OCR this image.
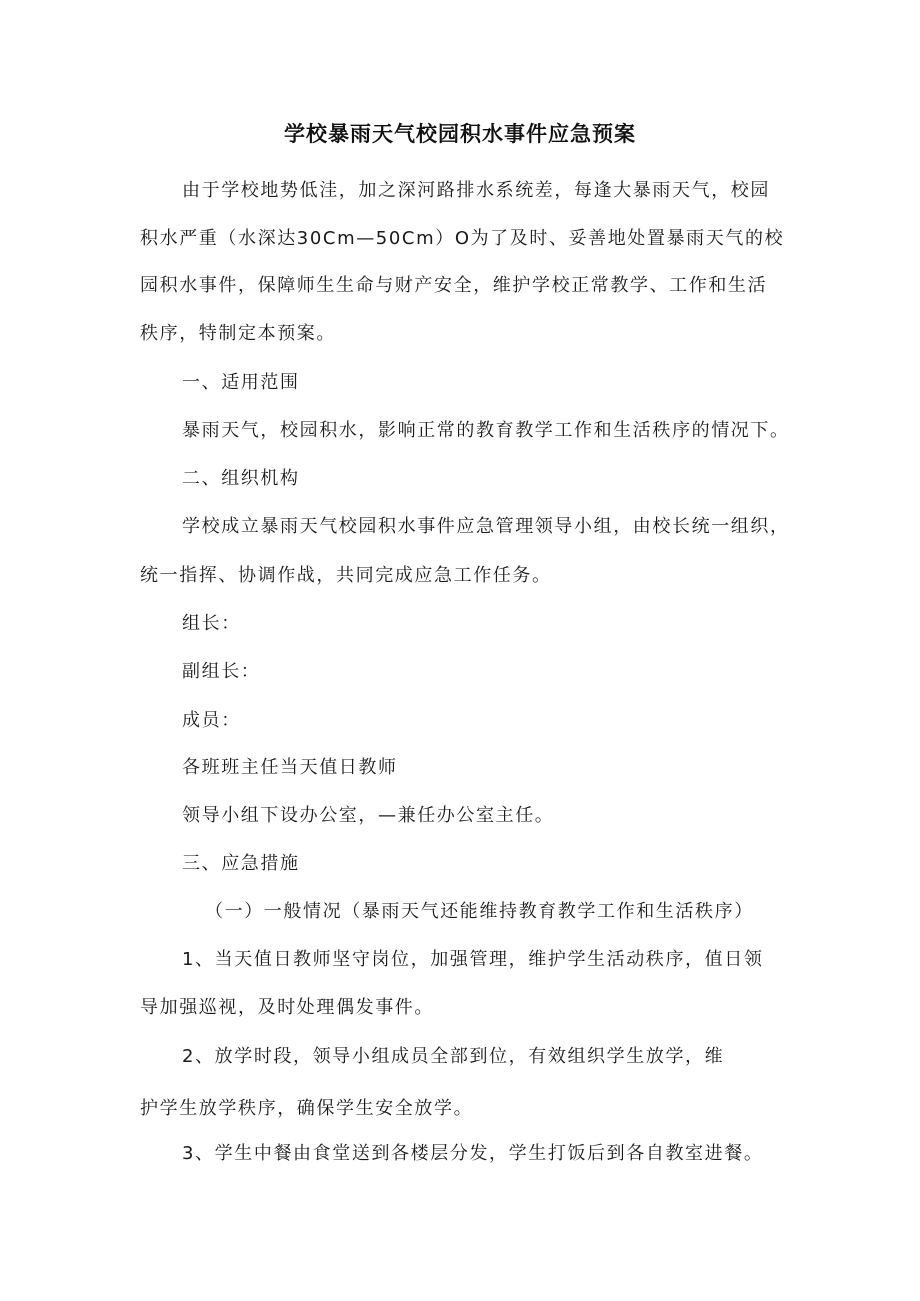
学校暴雨天气校园积水事件应急预案
由于学校地势低洼，加之深河路排水系统差，每逢大暴雨天气，校园
积水严重（水深达30Cm—50Cm）O为了及时、妥善地处置暴雨天气的校
园积水事件，保障师生生命与财产安全，维护学校正常教学、工作和生活
秩序，特制定本预案。
一、适用范围
暴雨天气，校园积水，影响正常的教育教学工作和生活秩序的情况下。
二、组织机构
学校成立暴雨天气校园积水事件应急管理领导小组，由校长统一组织，
统一指挥、协调作战，共同完成应急工作任务。
组长：
副组长：
成员：
各班班主任当天值日教师
领导小组下设办公室，—兼任办公室主任。
三、应急措施
（一）一般情况（暴雨天气还能维持教育教学工作和生活秩序）
1、当天值日教师坚守岗位，加强管理，维护学生活动秩序，值日领
导加强巡视，及时处理偶发事件。
2、放学时段，领导小组成员全部到位，有效组织学生放学，维
护学生放学秩序，确保学生安全放学。
3、学生中餐由食堂送到各楼层分发，学生打饭后到各自教室进餐。
